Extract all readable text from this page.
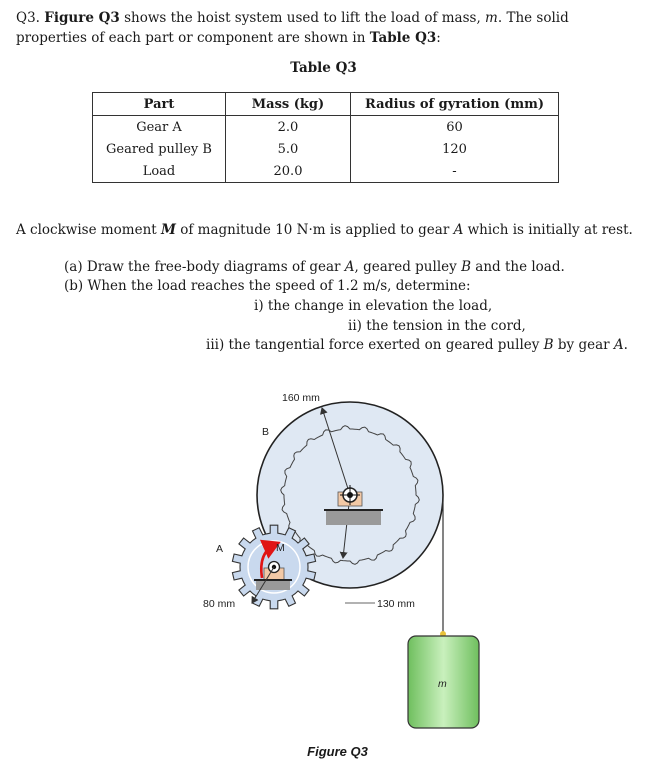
Q3. Figure Q3 shows the hoist system used to lift the load of mass, m. The solid properties of each part or component are shown in Table Q3:
Table Q3
Part	Mass (kg)	Radius of gyration (mm)
Gear A	2.0	60
Geared pulley B	5.0	120
Load	20.0	-
A clockwise moment M of magnitude 10 N·m is applied to gear A which is initially at rest.
(a) Draw the free-body diagrams of gear A, geared pulley B and the load.
(b) When the load reaches the speed of 1.2 m/s, determine:
i) the change in elevation the load,
ii) the tension in the cord,
iii) the tangential force exerted on geared pulley B by gear A.
160 mm
B
A	M
80 mm	130 mm
m
Figure Q3
